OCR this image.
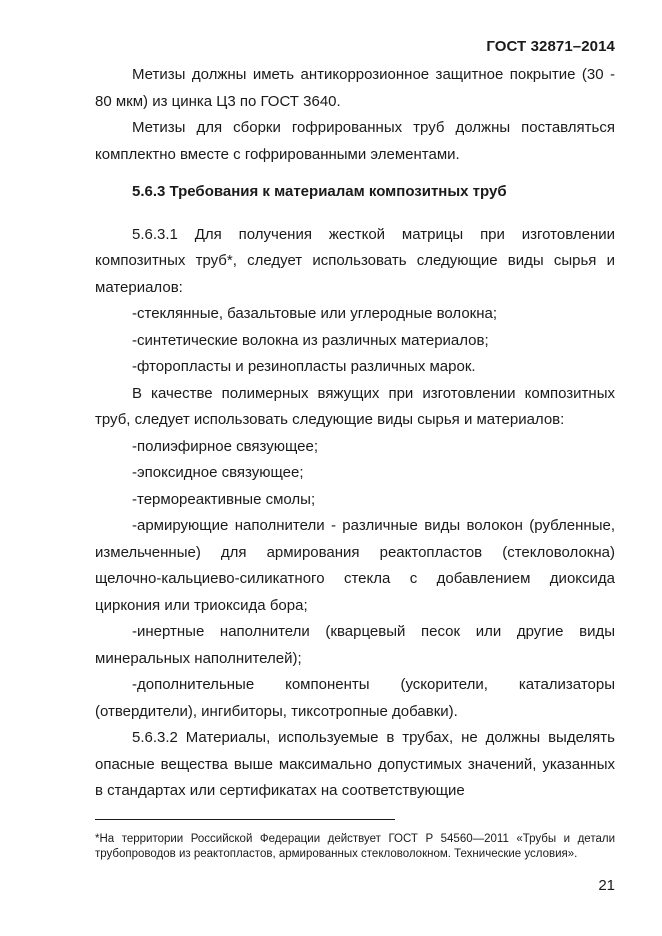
ГОСТ 32871–2014

Метизы должны иметь антикоррозионное защитное покрытие (30 - 80 мкм) из цинка Ц3 по ГОСТ 3640.

Метизы для сборки гофрированных труб должны поставляться комплектно вместе с гофрированными элементами.

5.6.3 Требования к материалам композитных труб

5.6.3.1 Для получения жесткой матрицы при изготовлении композитных труб*, следует использовать следующие виды сырья и материалов:

-стеклянные, базальтовые или углеродные волокна;

-синтетические волокна из различных материалов;

-фторопласты и резинопласты различных марок.

В качестве полимерных вяжущих при изготовлении композитных труб, следует использовать следующие виды сырья и материалов:

-полиэфирное связующее;

-эпоксидное связующее;

-термореактивные смолы;

-армирующие наполнители - различные виды волокон (рубленные, измельченные) для армирования реактопластов (стекловолокна) щелочно-кальциево-силикатного стекла с добавлением диоксида циркония или триоксида бора;

-инертные наполнители (кварцевый песок или другие виды минеральных наполнителей);

-дополнительные компоненты (ускорители, катализаторы (отвердители), ингибиторы, тиксотропные добавки).

5.6.3.2 Материалы, используемые в трубах, не должны выделять опасные вещества выше максимально допустимых значений, указанных в стандартах или сертификатах на соответствующие

*На территории Российской Федерации действует ГОСТ Р 54560—2011 «Трубы и детали трубопроводов из реактопластов, армированных стекловолокном. Технические условия».
21
